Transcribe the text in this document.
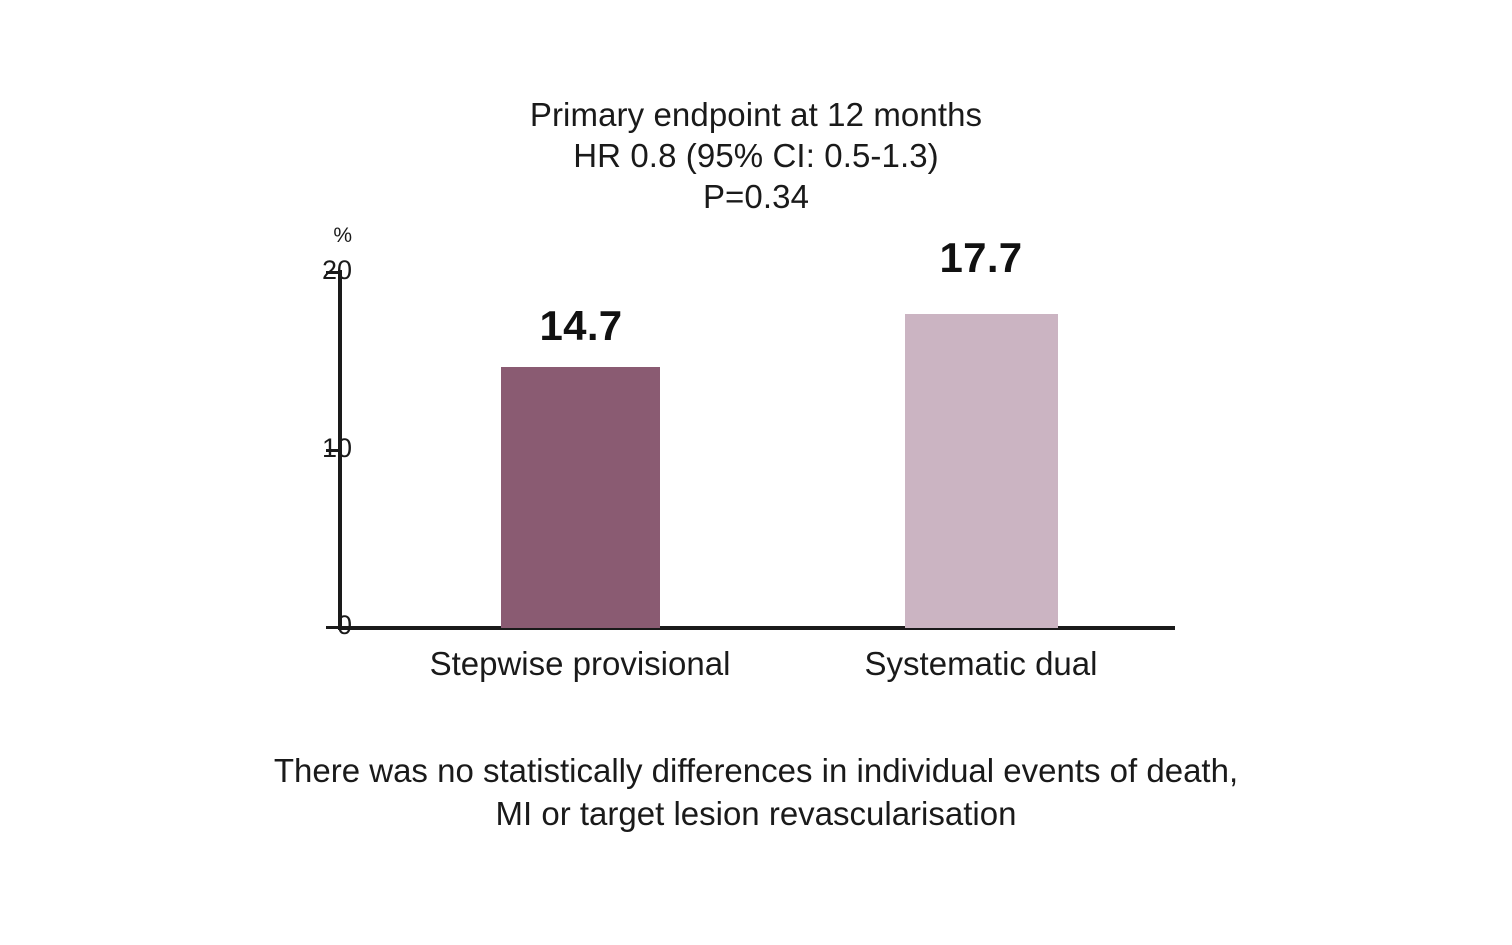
Primary endpoint at 12 months
HR 0.8 (95% CI: 0.5-1.3)
P=0.34
%
20
10
0
14.7
17.7
Stepwise provisional	Systematic dual
There was no statistically differences in individual events of death,
MI or target lesion revascularisation
